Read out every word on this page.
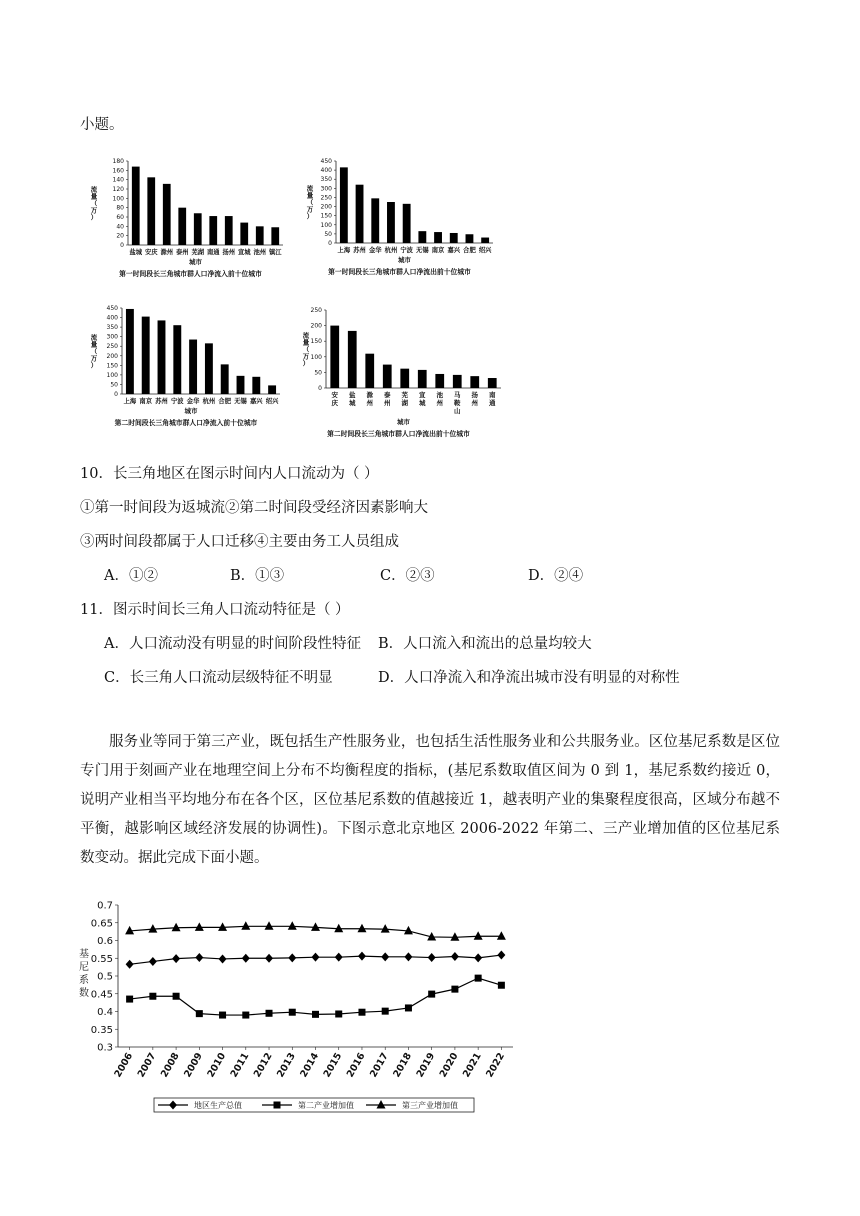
小题。
0
20
40
60
80
100
120
140
160
180
流
量
（
万
）
盐城 安庆 滁州 泰州 芜湖 南通 扬州 宣城 池州 镇江
城市
第一时间段长三角城市群人口净流入前十位城市
0
50
100
150
200
250
300
350
400
450
流
量
（
万
）
上海 苏州 金华 杭州 宁波 无锡 南京 嘉兴 合肥 绍兴
城市
第一时间段长三角城市群人口净流出前十位城市
0
50
100
150
200
250
300
350
400
450
流
量
（
万
）
上海 南京 苏州 宁波 金华 杭州 合肥 无锡 嘉兴 绍兴
城市
第二时间段长三角城市群人口净流入前十位城市
0
50
100
150
200
250
流
量
（
万
）
安
庆
盐
城
滁
州
泰
州
芜
湖
宣
城
池
州
马
鞍
山
扬
州
南
通
城市
第二时间段长三角城市群人口净流出前十位城市
10．长三角地区在图示时间内人口流动为（ ）
①第一时间段为返城流②第二时间段受经济因素影响大
③两时间段都属于人口迁移④主要由务工人员组成
A．①②	B．①③	C．②③	D．②④
11．图示时间长三角人口流动特征是（ ）
A．人口流动没有明显的时间阶段性特征 B．人口流入和流出的总量均较大
C．长三角人口流动层级特征不明显	D．人口净流入和净流出城市没有明显的对称性
服务业等同于第三产业，既包括生产性服务业，也包括生活性服务业和公共服务业。区位基尼系数是区位专门用于刻画产业在地理空间上分布不均衡程度的指标，(基尼系数取值区间为 0 到 1，基尼系数约接近 0，说明产业相当平均地分布在各个区，区位基尼系数的值越接近 1，越表明产业的集聚程度很高，区域分布越不平衡，越影响区域经济发展的协调性)。下图示意北京地区 2006-2022 年第二、三产业增加值的区位基尼系数变动。据此完成下面小题。
0.3
0.35
0.4
0.45
0.5
0.55
0.6
0.65
0.7
基
尼
系
数
2006 2007 2008 2009 2010 2011 2012 2013 2014 2015 2016 2017 2018 2019 2020 2021 2022
地区生产总值	第二产业增加值	第三产业增加值
